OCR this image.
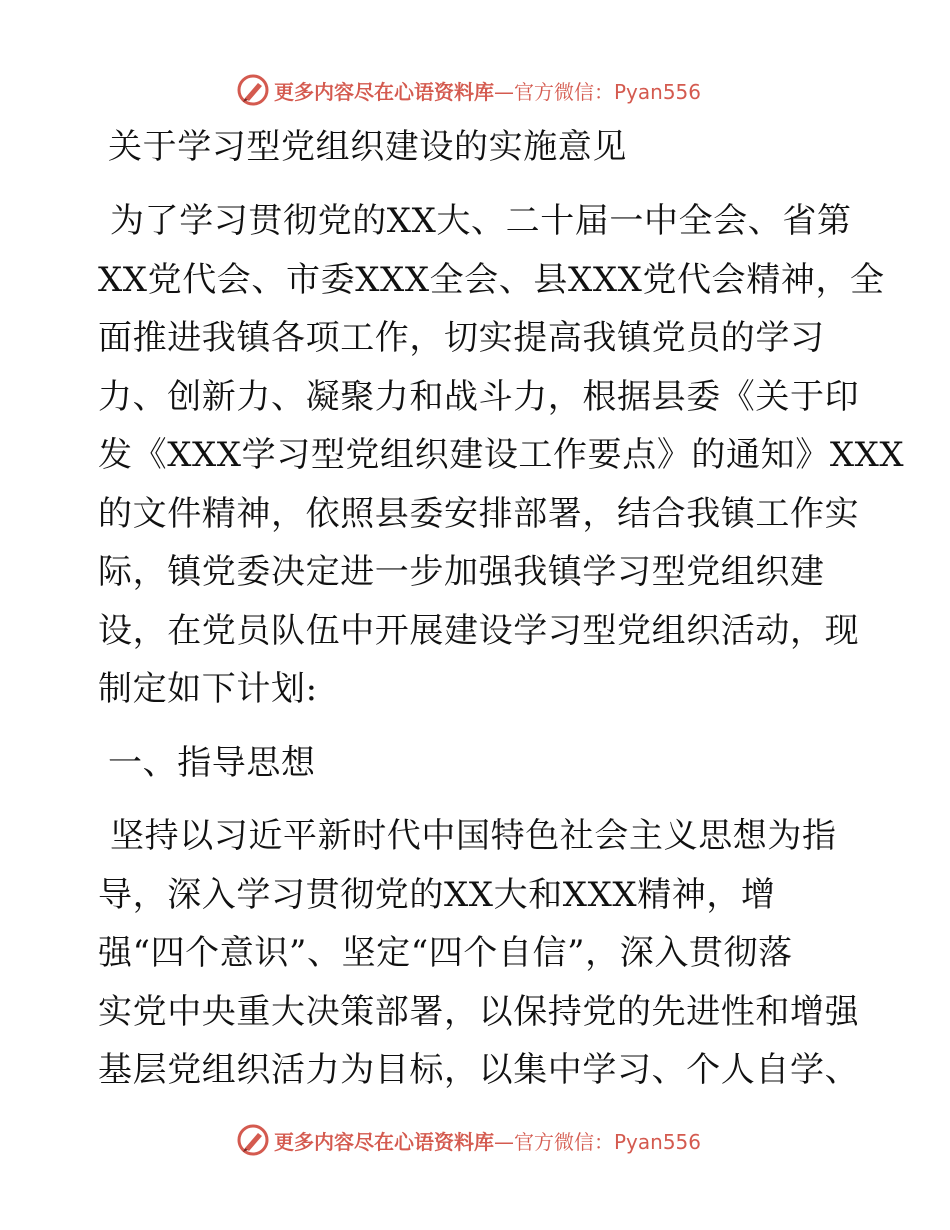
更多内容尽在心语资料库—官方微信：Pyan556
关于学习型党组织建设的实施意见
为了学习贯彻党的XX大、二十届一中全会、省第
XX党代会、市委XXX全会、县XXX党代会精神，全
面推进我镇各项工作，切实提高我镇党员的学习
力、创新力、凝聚力和战斗力，根据县委《关于印
发《XXX学习型党组织建设工作要点》的通知》XXX
的文件精神，依照县委安排部署，结合我镇工作实
际，镇党委决定进一步加强我镇学习型党组织建
设，在党员队伍中开展建设学习型党组织活动，现
制定如下计划:
一、指导思想
坚持以习近平新时代中国特色社会主义思想为指
导，深入学习贯彻党的XX大和XXX精神，增
强“四个意识”、坚定“四个自信”，深入贯彻落
实党中央重大决策部署，以保持党的先进性和增强
基层党组织活力为目标，以集中学习、个人自学、
更多内容尽在心语资料库—官方微信：Pyan556
